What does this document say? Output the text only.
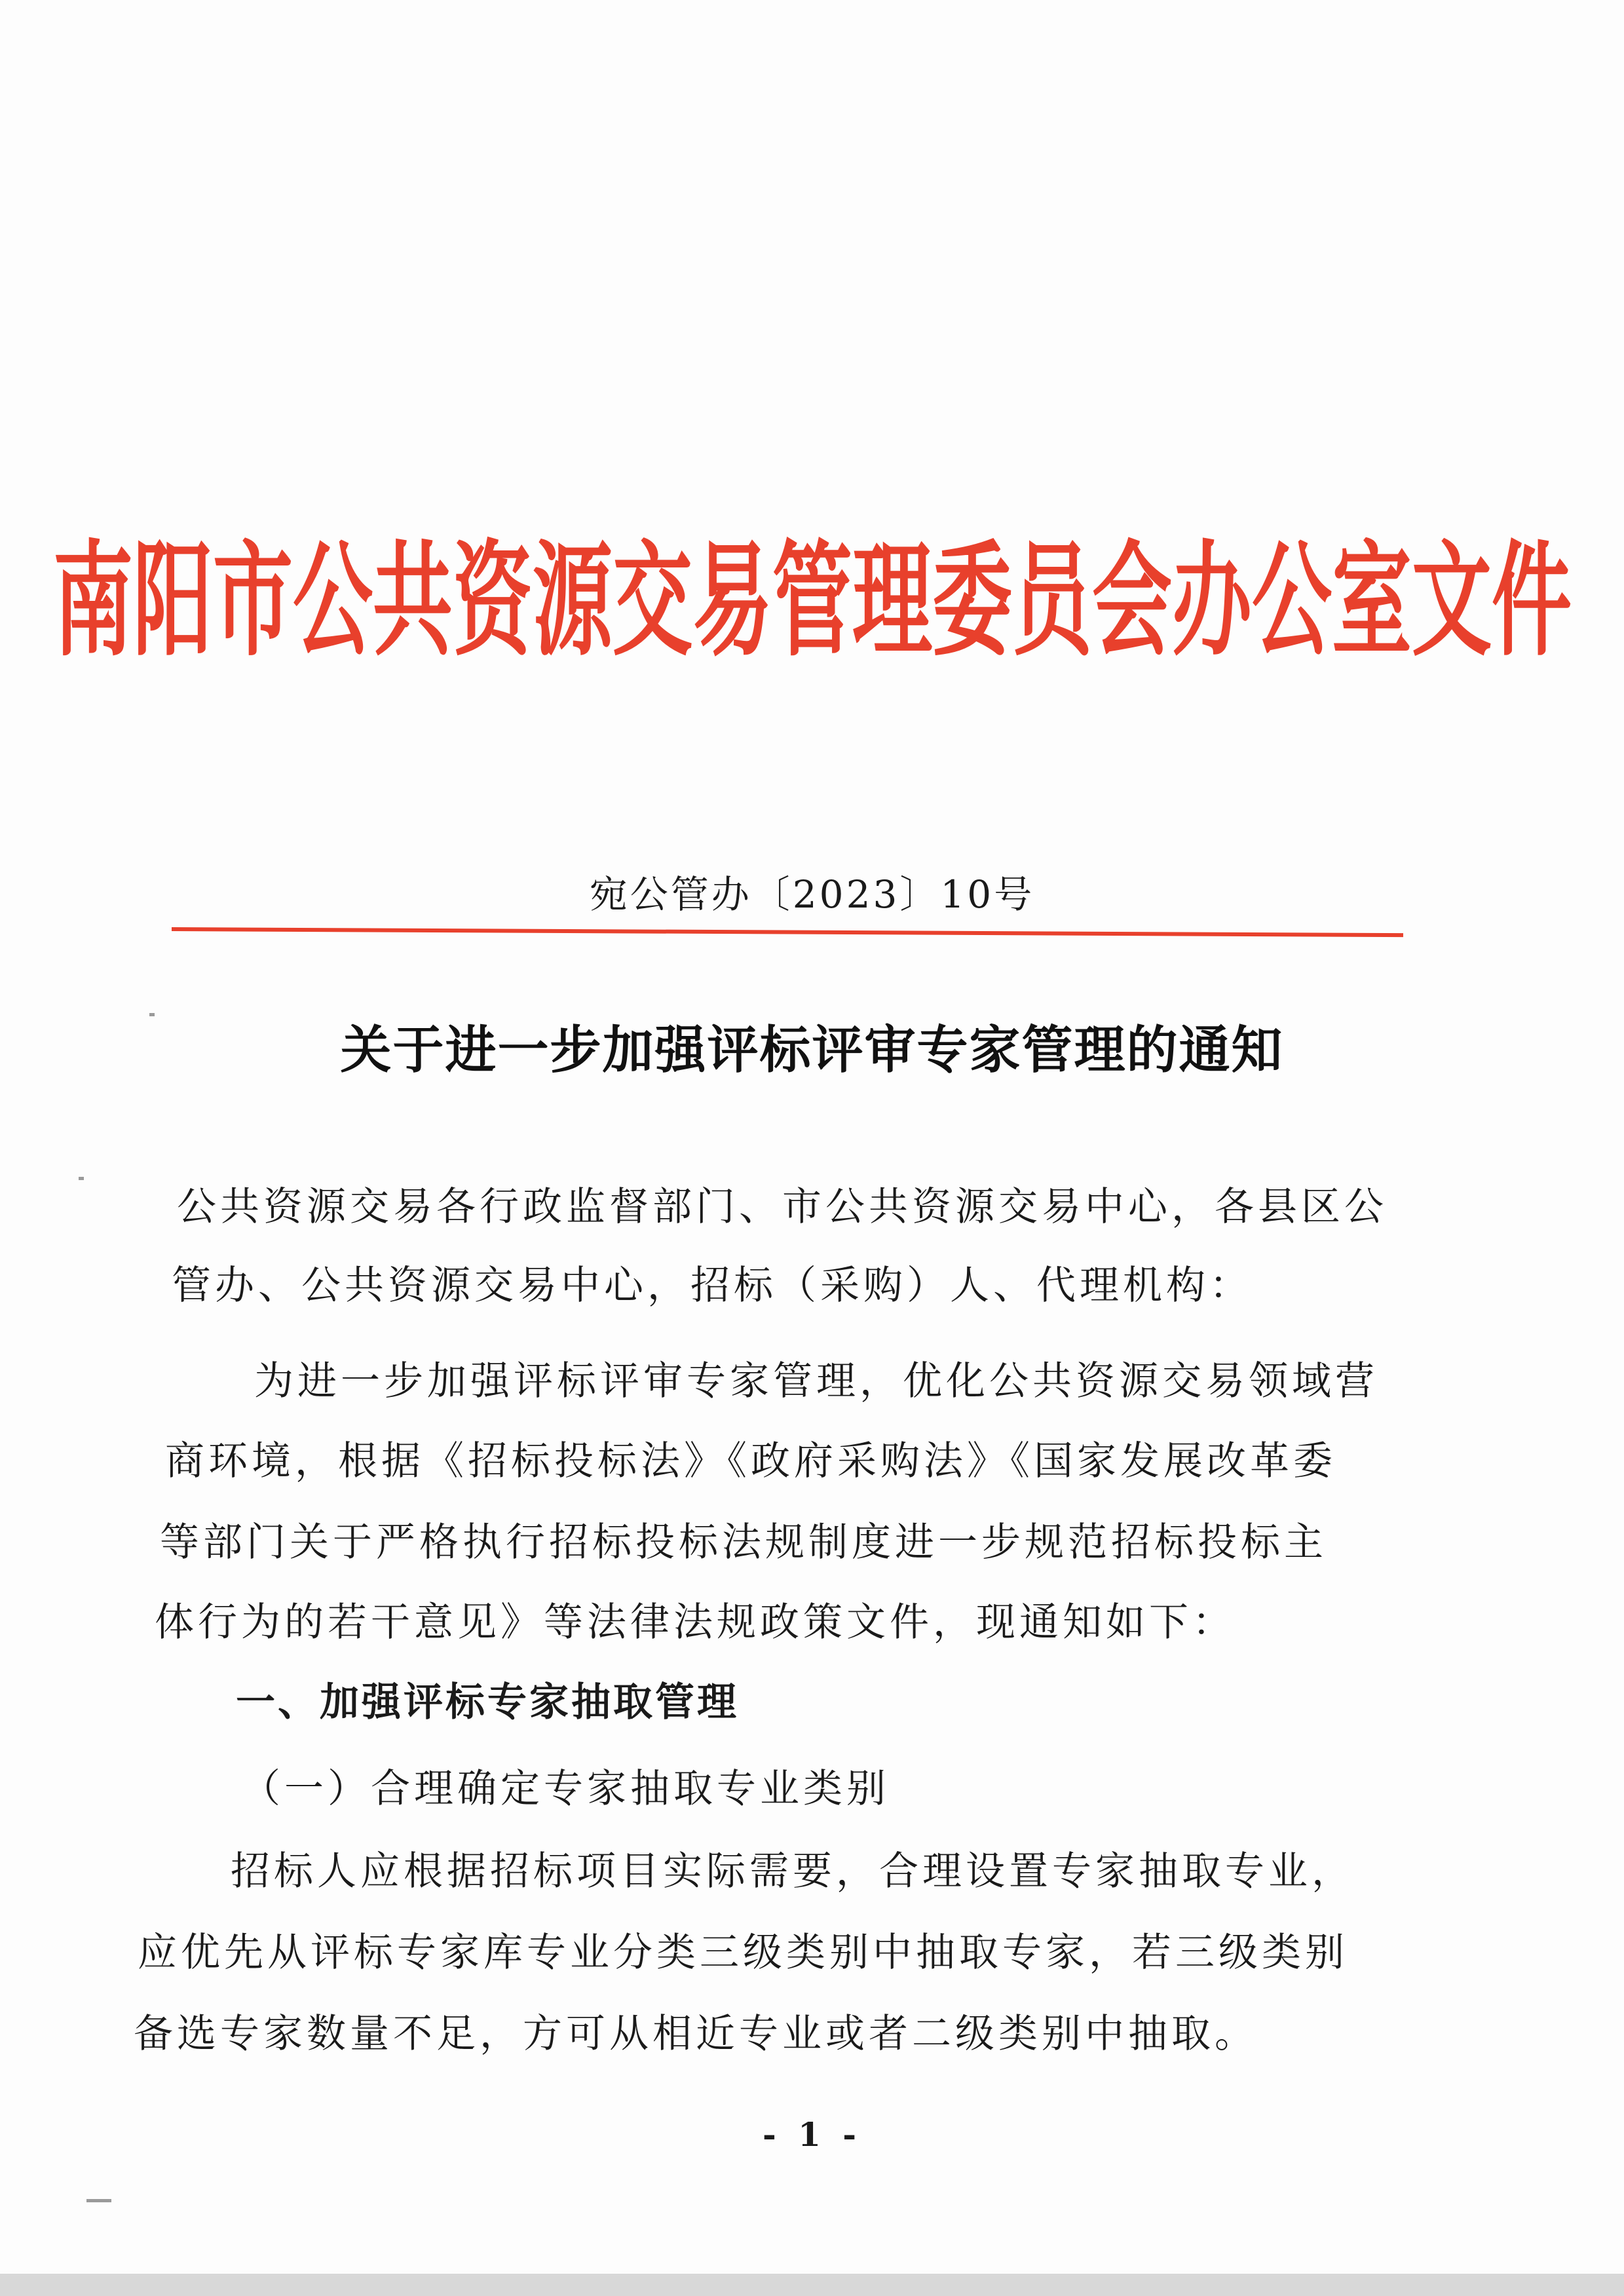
南阳市公共资源交易管理委员会办公室文件
宛公管办〔2023〕10号
关于进一步加强评标评审专家管理的通知
公共资源交易各行政监督部门、市公共资源交易中心，各县区公
管办、公共资源交易中心，招标（采购）人、代理机构：
为进一步加强评标评审专家管理，优化公共资源交易领域营
商环境，根据《招标投标法》《政府采购法》《国家发展改革委
等部门关于严格执行招标投标法规制度进一步规范招标投标主
体行为的若干意见》等法律法规政策文件，现通知如下：
一、加强评标专家抽取管理
（一）合理确定专家抽取专业类别
招标人应根据招标项目实际需要，合理设置专家抽取专业，
应优先从评标专家库专业分类三级类别中抽取专家，若三级类别
备选专家数量不足，方可从相近专业或者二级类别中抽取。
- 1 -
